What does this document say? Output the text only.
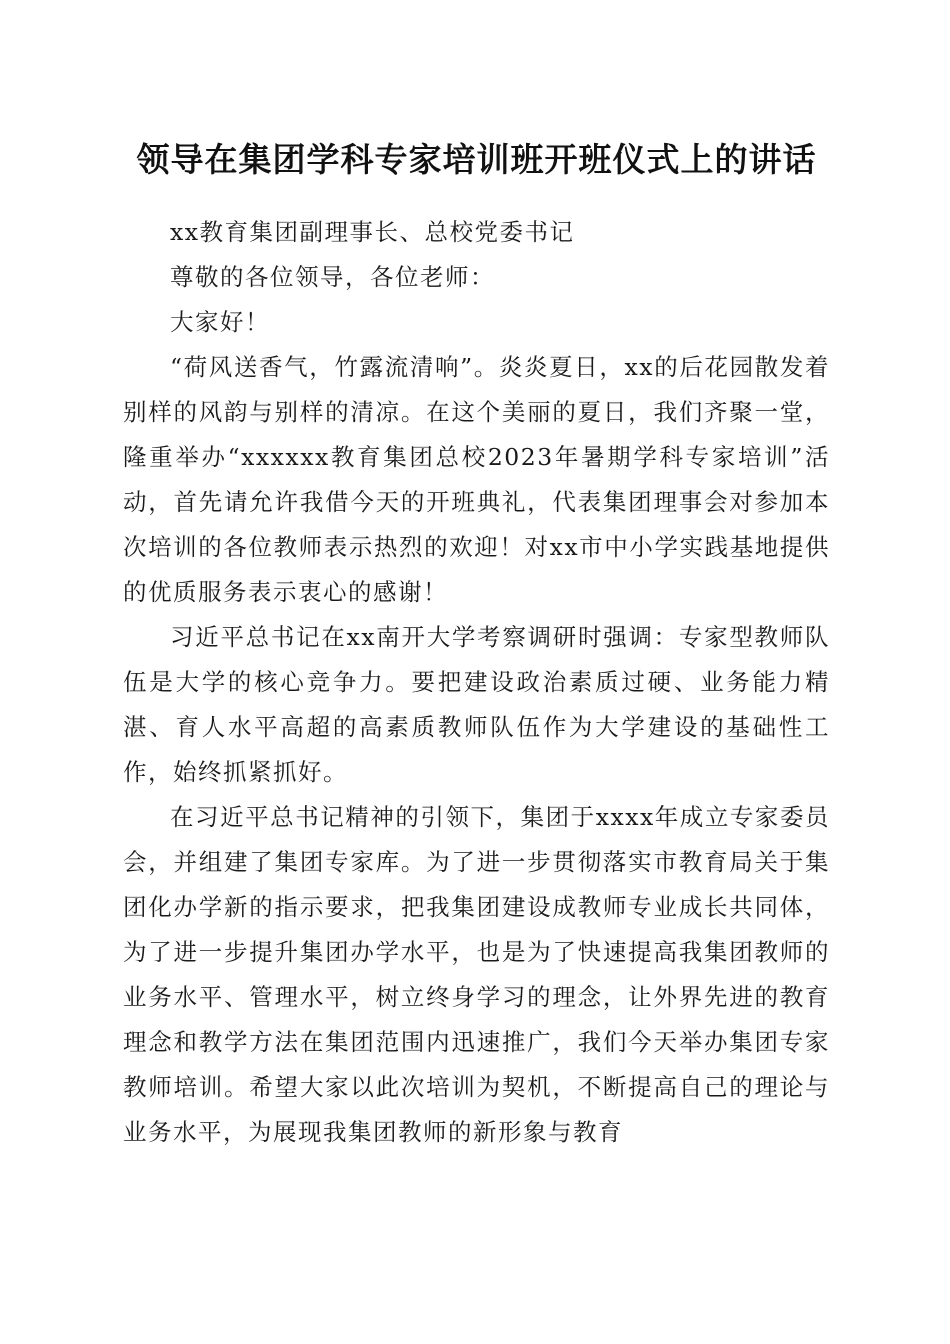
领导在集团学科专家培训班开班仪式上的讲话

xx教育集团副理事长、总校党委书记

尊敬的各位领导，各位老师：

大家好！

“荷风送香气，竹露流清响”。炎炎夏日，xx的后花园散发着别样的风韵与别样的清凉。在这个美丽的夏日，我们齐聚一堂，隆重举办“xxxxxx教育集团总校2023年暑期学科专家培训”活动，首先请允许我借今天的开班典礼，代表集团理事会对参加本次培训的各位教师表示热烈的欢迎！对xx市中小学实践基地提供的优质服务表示衷心的感谢！

习近平总书记在xx南开大学考察调研时强调：专家型教师队伍是大学的核心竞争力。要把建设政治素质过硬、业务能力精湛、育人水平高超的高素质教师队伍作为大学建设的基础性工作，始终抓紧抓好。

在习近平总书记精神的引领下，集团于xxxx年成立专家委员会，并组建了集团专家库。为了进一步贯彻落实市教育局关于集团化办学新的指示要求，把我集团建设成教师专业成长共同体，为了进一步提升集团办学水平，也是为了快速提高我集团教师的业务水平、管理水平，树立终身学习的理念，让外界先进的教育理念和教学方法在集团范围内迅速推广，我们今天举办集团专家教师培训。希望大家以此次培训为契机，不断提高自己的理论与业务水平，为展现我集团教师的新形象与教育
